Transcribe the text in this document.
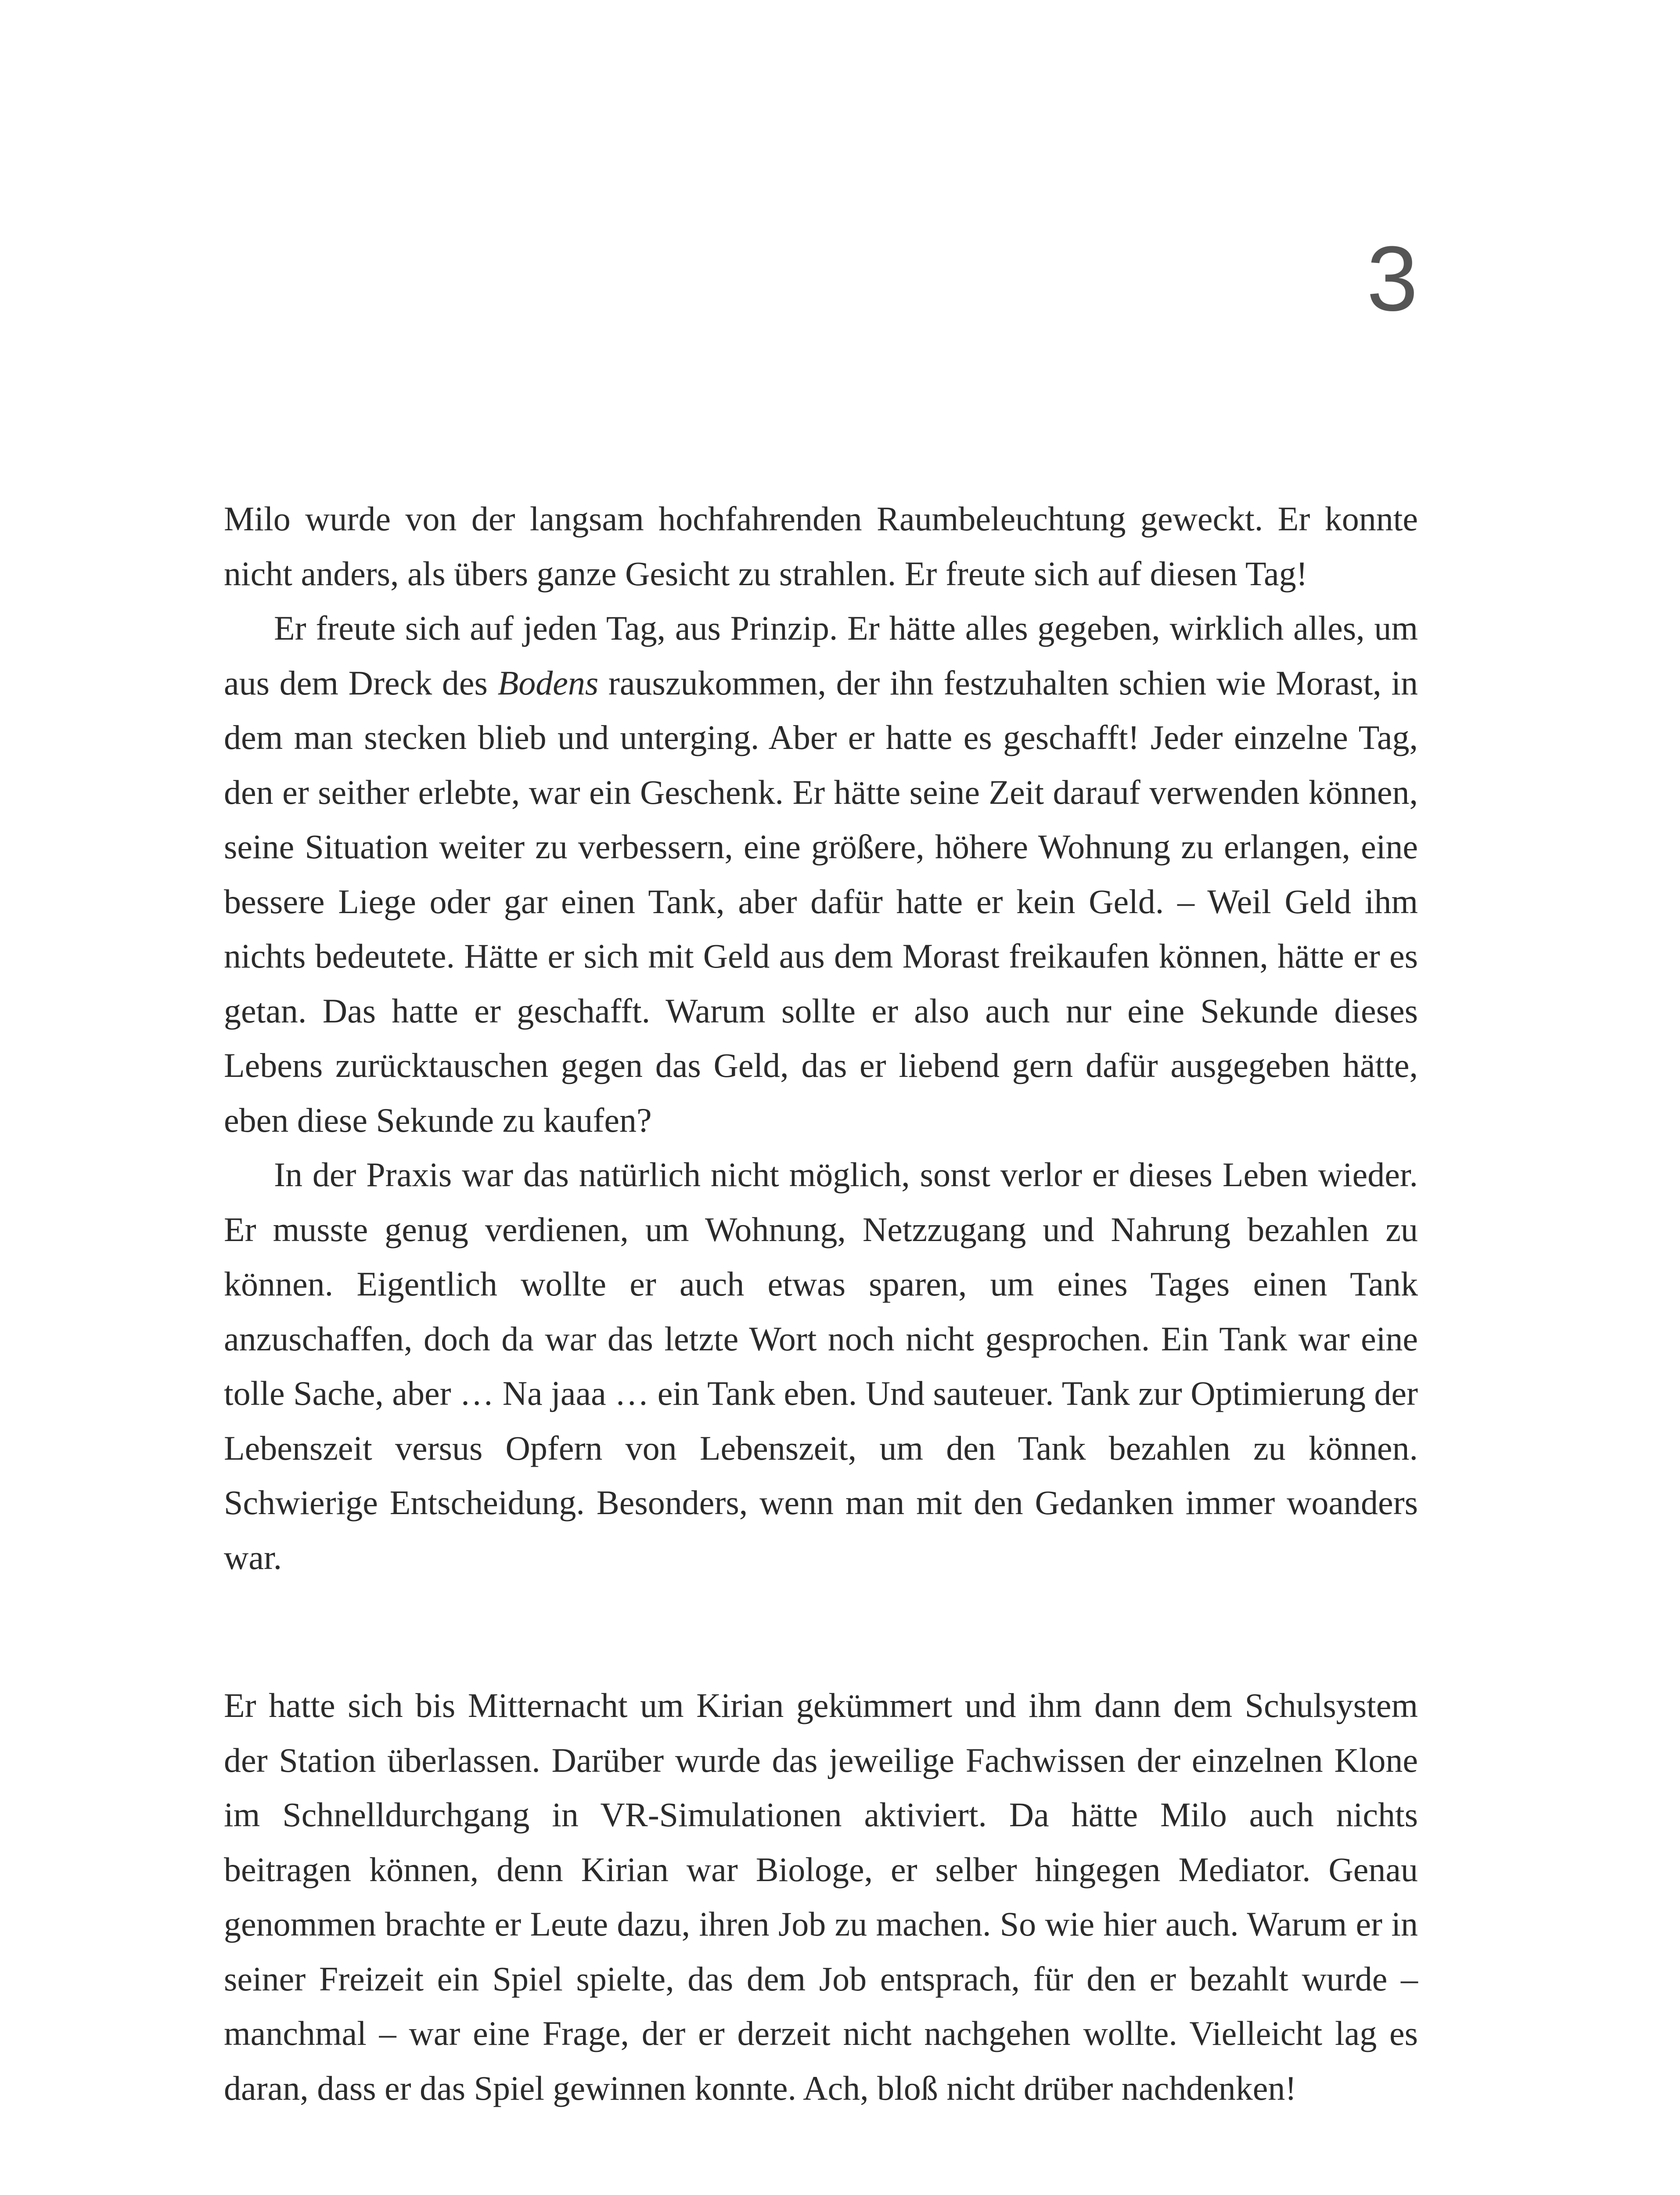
3

Milo wurde von der langsam hochfahrenden Raumbeleuchtung geweckt. Er konnte nicht anders, als übers ganze Gesicht zu strahlen. Er freute sich auf diesen Tag!

Er freute sich auf jeden Tag, aus Prinzip. Er hätte alles gegeben, wirklich alles, um aus dem Dreck des Bodens rauszukommen, der ihn festzuhalten schien wie Morast, in dem man stecken blieb und unterging. Aber er hatte es geschafft! Jeder einzelne Tag, den er seither erlebte, war ein Geschenk. Er hätte seine Zeit darauf verwenden können, seine Situation weiter zu verbessern, eine größere, höhere Wohnung zu erlangen, eine bessere Liege oder gar einen Tank, aber dafür hatte er kein Geld. – Weil Geld ihm nichts bedeutete. Hätte er sich mit Geld aus dem Morast freikaufen können, hätte er es getan. Das hatte er geschafft. Warum sollte er also auch nur eine Sekunde dieses Lebens zurücktauschen gegen das Geld, das er liebend gern dafür ausgegeben hätte, eben diese Sekunde zu kaufen?

In der Praxis war das natürlich nicht möglich, sonst verlor er dieses Leben wieder. Er musste genug verdienen, um Wohnung, Netzzugang und Nahrung bezahlen zu können. Eigentlich wollte er auch etwas sparen, um eines Tages einen Tank anzuschaffen, doch da war das letzte Wort noch nicht gesprochen. Ein Tank war eine tolle Sache, aber … Na jaaa … ein Tank eben. Und sauteuer. Tank zur Optimierung der Lebenszeit versus Opfern von Lebenszeit, um den Tank bezahlen zu können. Schwierige Entscheidung. Besonders, wenn man mit den Gedanken immer woanders war.

Er hatte sich bis Mitternacht um Kirian gekümmert und ihm dann dem Schulsystem der Station überlassen. Darüber wurde das jeweilige Fachwissen der einzelnen Klone im Schnelldurchgang in VR-Simulationen aktiviert. Da hätte Milo auch nichts beitragen können, denn Kirian war Biologe, er selber hingegen Mediator. Genau genommen brachte er Leute dazu, ihren Job zu machen. So wie hier auch. Warum er in seiner Freizeit ein Spiel spielte, das dem Job entsprach, für den er bezahlt wurde – manchmal – war eine Frage, der er derzeit nicht nachgehen wollte. Vielleicht lag es daran, dass er das Spiel gewinnen konnte. Ach, bloß nicht drüber nachdenken!
